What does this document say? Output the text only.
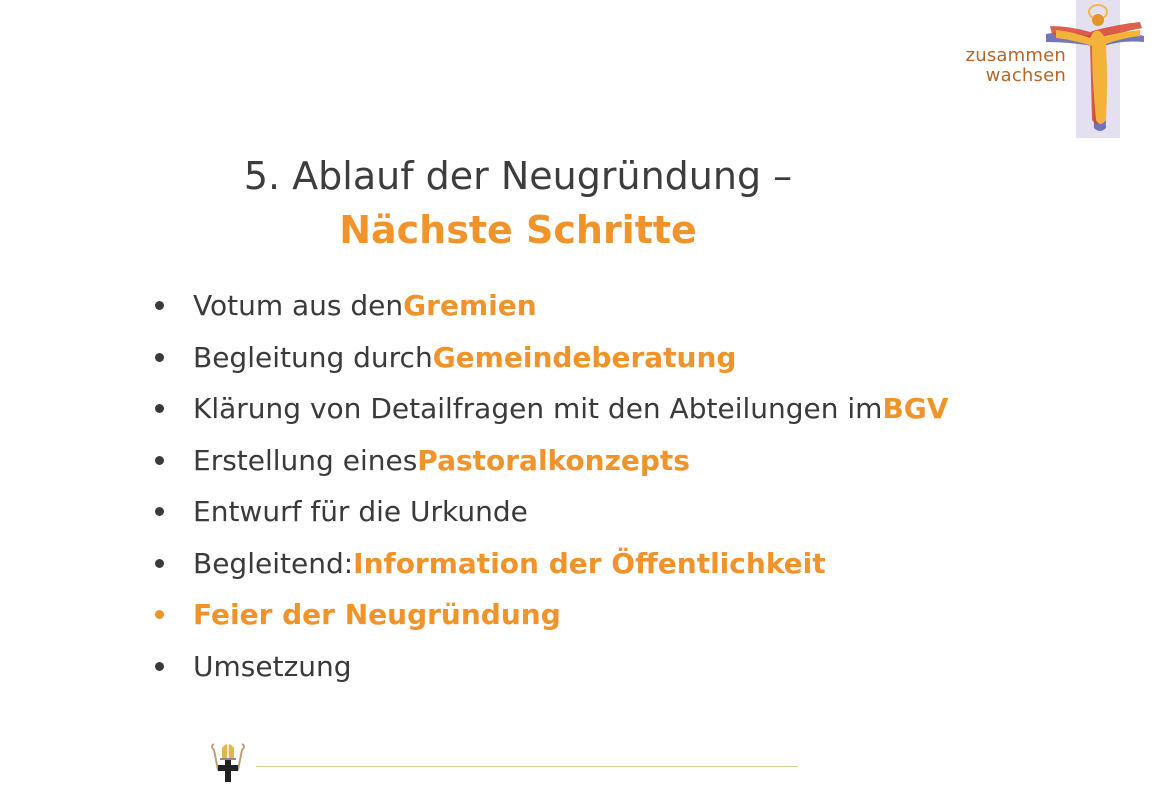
zusammen
wachsen
5. Ablauf der Neugründung –
Nächste Schritte
Votum aus den Gremien
Begleitung durch Gemeindeberatung
Klärung von Detailfragen mit den Abteilungen im BGV
Erstellung eines Pastoralkonzepts
Entwurf für die Urkunde
Begleitend: Information der Öffentlichkeit
Feier der Neugründung
Umsetzung
